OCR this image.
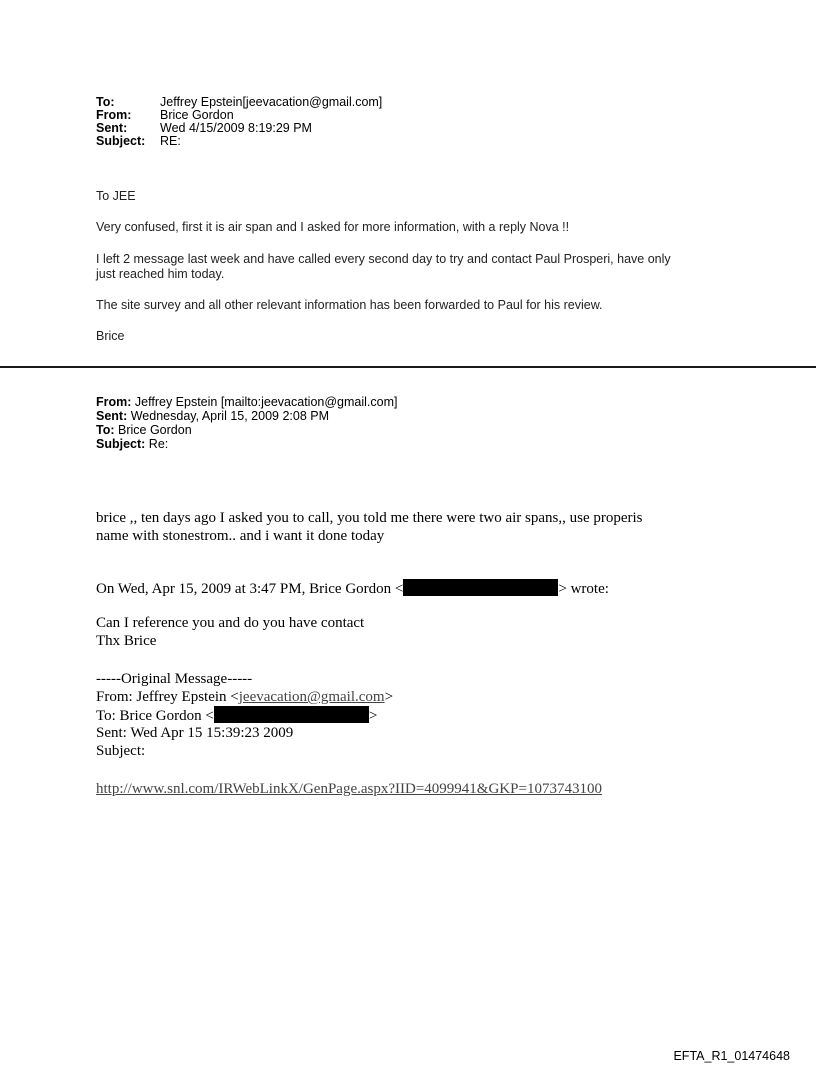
To:	Jeffrey Epstein[jeevacation@gmail.com]
From:	Brice Gordon
Sent:	Wed 4/15/2009 8:19:29 PM
Subject:	RE:
To JEE
Very confused, first it is air span and I asked for more information, with a reply Nova !!
I left 2 message last week and have called every second day to try and contact Paul Prosperi, have only
just reached him today.
The site survey and all other relevant information has been forwarded to Paul for his review.
Brice
From: Jeffrey Epstein [mailto:jeevacation@gmail.com]
Sent: Wednesday, April 15, 2009 2:08 PM
To: Brice Gordon
Subject: Re:
brice ,, ten days ago I asked you to call, you told me there were two air spans,, use properis
name with stonestrom.. and i want it done today
On Wed, Apr 15, 2009 at 3:47 PM, Brice Gordon <	> wrote:
Can I reference you and do you have contact
Thx Brice
-----Original Message-----
From: Jeffrey Epstein <jeevacation@gmail.com>
To: Brice Gordon <	>
Sent: Wed Apr 15 15:39:23 2009
Subject:
http://www.snl.com/IRWebLinkX/GenPage.aspx?IID=4099941&GKP=1073743100
EFTA_R1_01474648
